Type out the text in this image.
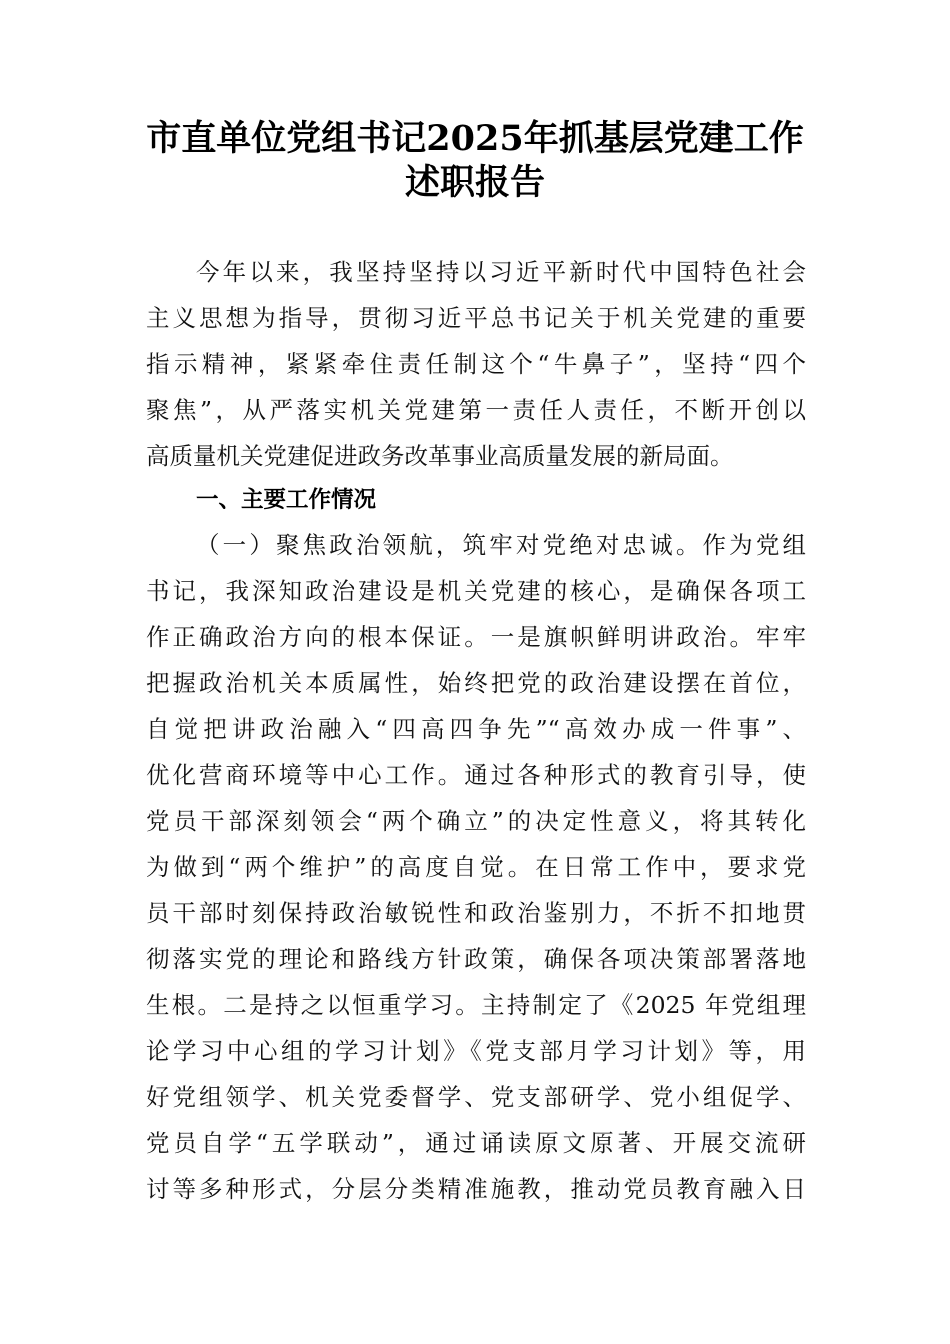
市直单位党组书记2025年抓基层党建工作
述职报告
今年以来，我坚持坚持以习近平新时代中国特色社会
主义思想为指导，贯彻习近平总书记关于机关党建的重要
指示精神，紧紧牵住责任制这个“牛鼻子”，坚持“四个
聚焦”，从严落实机关党建第一责任人责任，不断开创以
高质量机关党建促进政务改革事业高质量发展的新局面。
一、主要工作情况
（一）聚焦政治领航，筑牢对党绝对忠诚。作为党组
书记，我深知政治建设是机关党建的核心，是确保各项工
作正确政治方向的根本保证。一是旗帜鲜明讲政治。牢牢
把握政治机关本质属性，始终把党的政治建设摆在首位，
自觉把讲政治融入“四高四争先”“高效办成一件事”、
优化营商环境等中心工作。通过各种形式的教育引导，使
党员干部深刻领会“两个确立”的决定性意义，将其转化
为做到“两个维护”的高度自觉。在日常工作中，要求党
员干部时刻保持政治敏锐性和政治鉴别力，不折不扣地贯
彻落实党的理论和路线方针政策，确保各项决策部署落地
生根。二是持之以恒重学习。主持制定了《2025 年党组理
论学习中心组的学习计划》《党支部月学习计划》等，用
好党组领学、机关党委督学、党支部研学、党小组促学、
党员自学“五学联动”，通过诵读原文原著、开展交流研
讨等多种形式，分层分类精准施教，推动党员教育融入日
